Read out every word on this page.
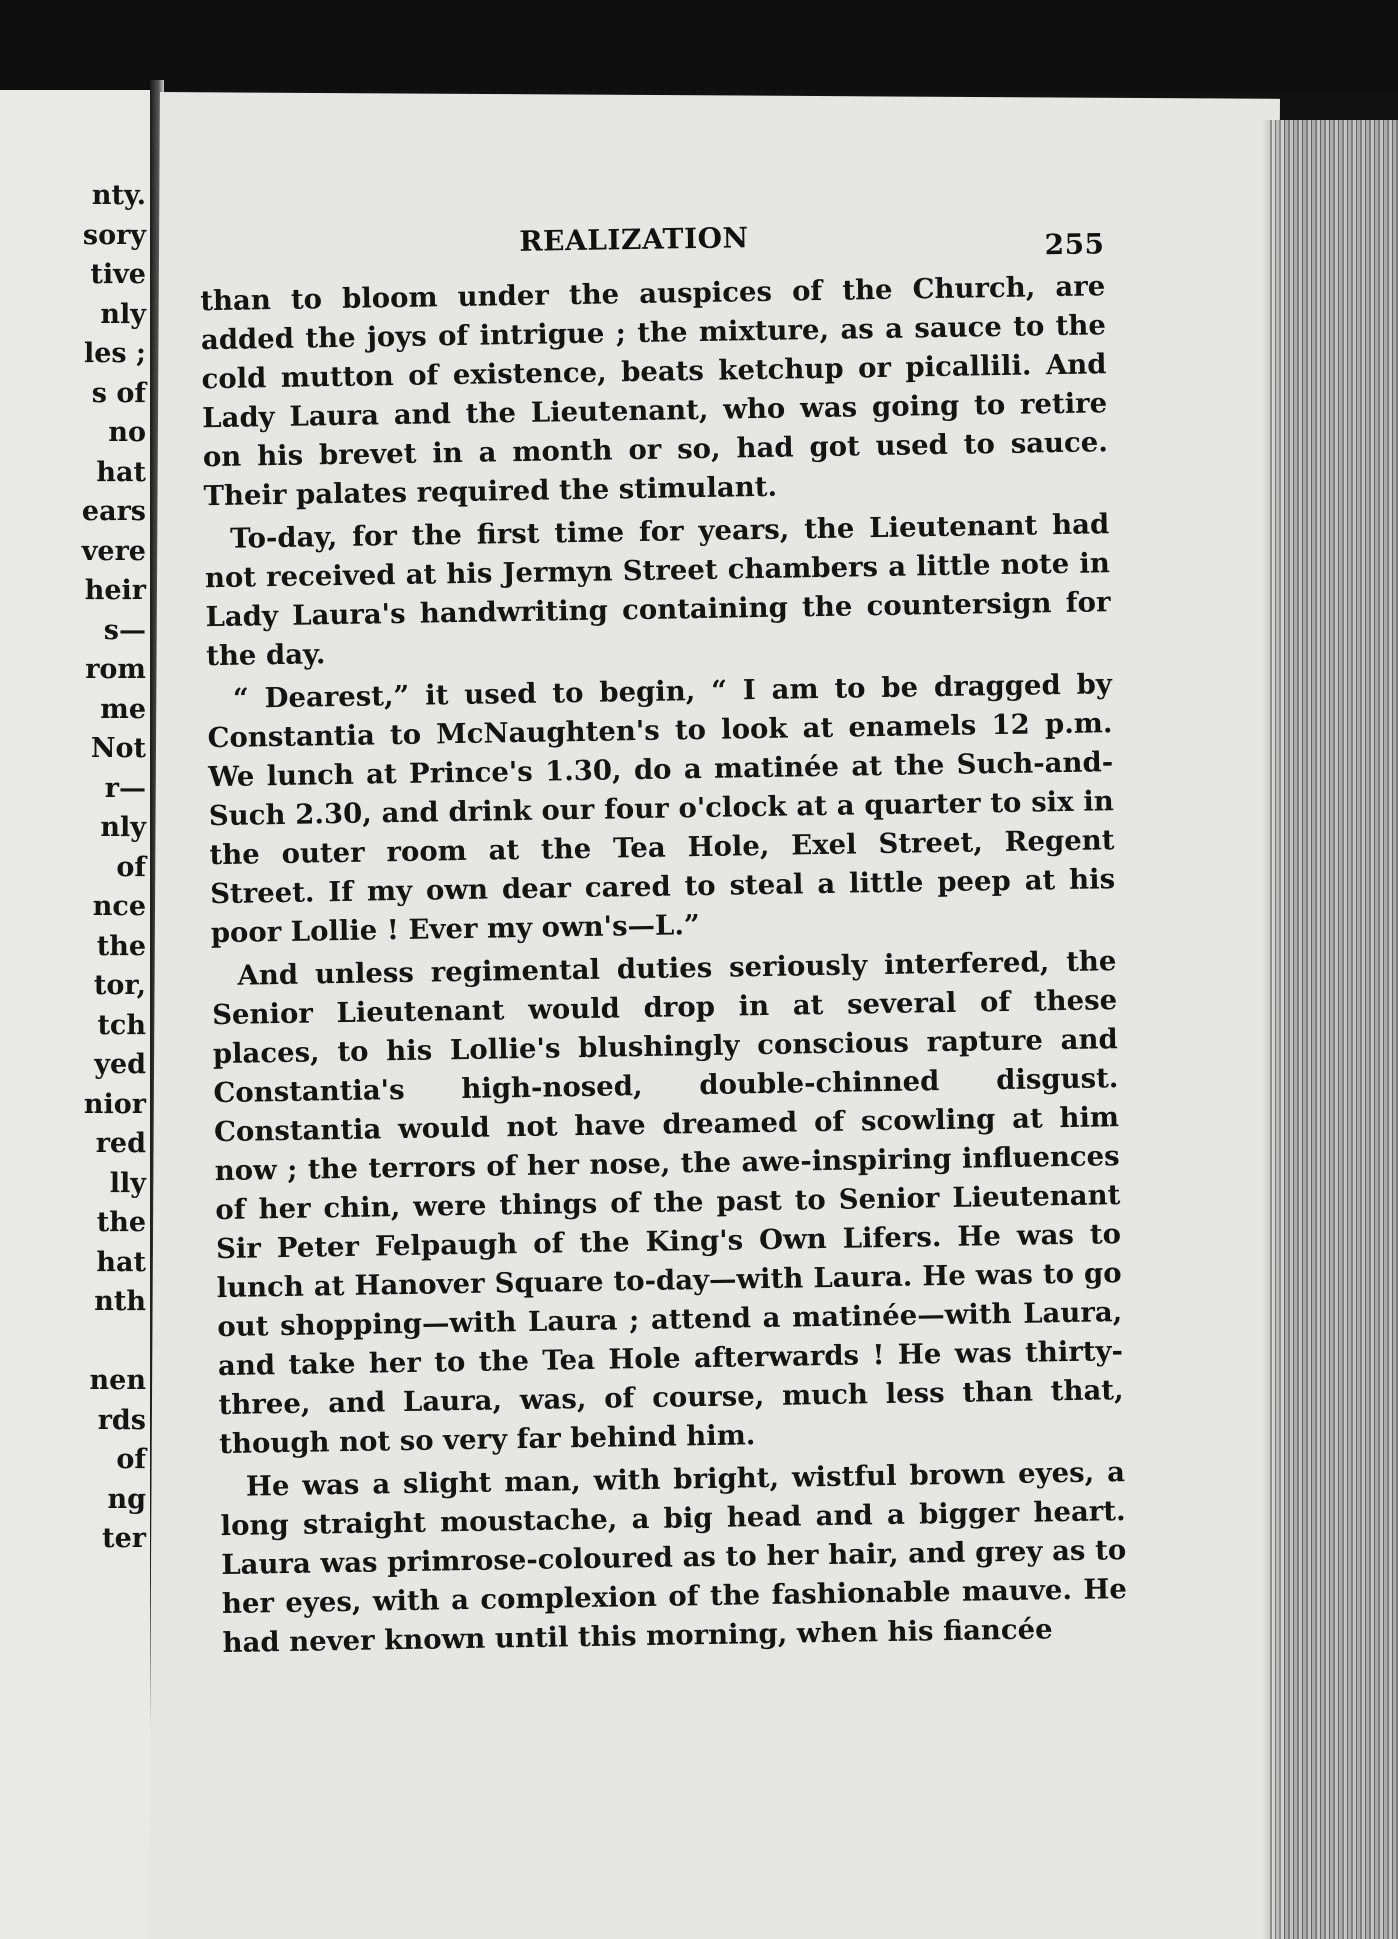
nty.
sory
tive
nly
les ;
s of
no
hat
ears
vere
heir
s—
rom
me
Not
r—
nly
of
nce
the
tor,
tch
yed
nior
red
lly
the
hat
nth
nen
rds
of
ng
ter
REALIZATION	255

than to bloom under the auspices of the Church, are added the joys of intrigue ; the mixture, as a sauce to the cold mutton of existence, beats ketchup or picallili. And Lady Laura and the Lieutenant, who was going to retire on his brevet in a month or so, had got used to sauce. Their palates required the stimulant.

To-day, for the first time for years, the Lieutenant had not received at his Jermyn Street chambers a little note in Lady Laura's handwriting containing the countersign for the day.

“ Dearest,” it used to begin, “ I am to be dragged by Constantia to McNaughten's to look at enamels 12 p.m. We lunch at Prince's 1.30, do a matinée at the Such-and-Such 2.30, and drink our four o'clock at a quarter to six in the outer room at the Tea Hole, Exel Street, Regent Street. If my own dear cared to steal a little peep at his poor Lollie ! Ever my own's—L.”

And unless regimental duties seriously interfered, the Senior Lieutenant would drop in at several of these places, to his Lollie's blushingly conscious rapture and Constantia's high-nosed, double-chinned disgust. Constantia would not have dreamed of scowling at him now ; the terrors of her nose, the awe-inspiring influences of her chin, were things of the past to Senior Lieutenant Sir Peter Felpaugh of the King's Own Lifers. He was to lunch at Hanover Square to-day—with Laura. He was to go out shopping—with Laura ; attend a matinée—with Laura, and take her to the Tea Hole afterwards ! He was thirty-three, and Laura, was, of course, much less than that, though not so very far behind him.

He was a slight man, with bright, wistful brown eyes, a long straight moustache, a big head and a bigger heart. Laura was primrose-coloured as to her hair, and grey as to her eyes, with a complexion of the fashionable mauve. He had never known until this morning, when his fiancée
